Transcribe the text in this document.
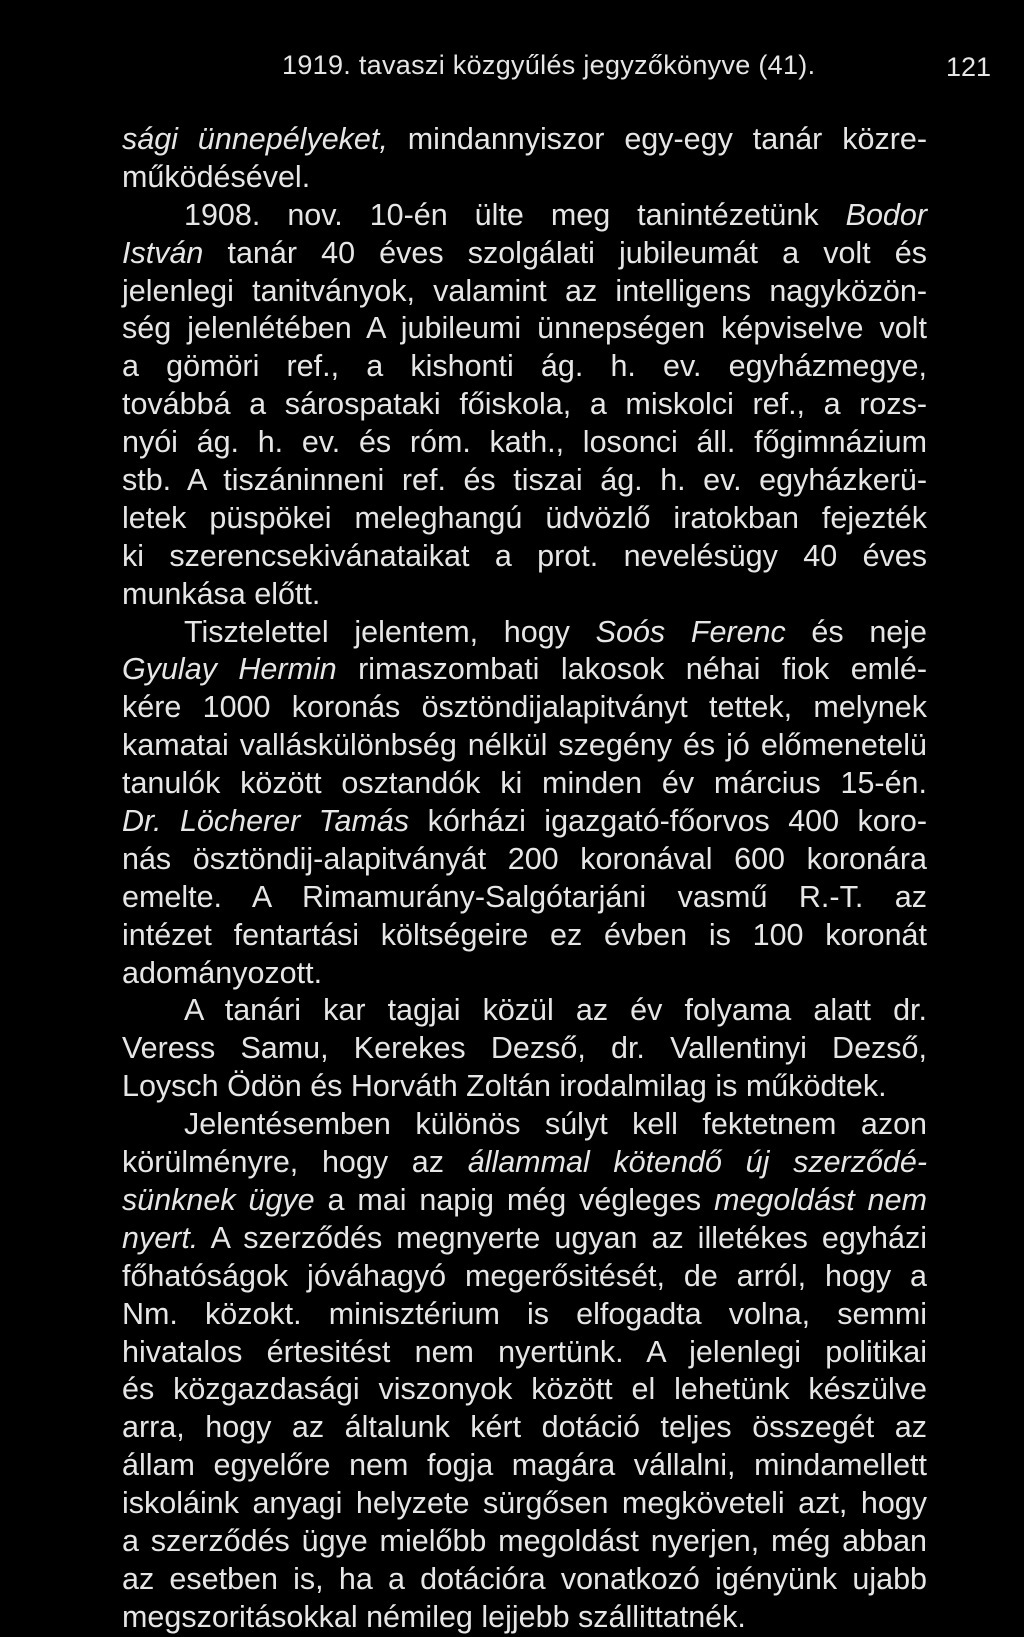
1919. tavaszi közgyűlés jegyzőkönyve (41).	121
sági ünnepélyeket, mindannyiszor egy-egy tanár közre-
működésével.
1908. nov. 10-én ülte meg tanintézetünk Bodor
István tanár 40 éves szolgálati jubileumát a volt és
jelenlegi tanitványok, valamint az intelligens nagyközön-
ség jelenlétében A jubileumi ünnepségen képviselve volt
a gömöri ref., a kishonti ág. h. ev. egyházmegye,
továbbá a sárospataki főiskola, a miskolci ref., a rozs-
nyói ág. h. ev. és róm. kath., losonci áll. főgimnázium
stb. A tiszáninneni ref. és tiszai ág. h. ev. egyházkerü-
letek püspökei meleghangú üdvözlő iratokban fejezték
ki szerencsekivánataikat a prot. nevelésügy 40 éves
munkása előtt.
Tisztelettel jelentem, hogy Soós Ferenc és neje
Gyulay Hermin rimaszombati lakosok néhai fiok emlé-
kére 1000 koronás ösztöndijalapitványt tettek, melynek
kamatai valláskülönbség nélkül szegény és jó előmenetelü
tanulók között osztandók ki minden év március 15-én.
Dr. Löcherer Tamás kórházi igazgató-főorvos 400 koro-
nás ösztöndij-alapitványát 200 koronával 600 koronára
emelte. A Rimamurány-Salgótarjáni vasmű R.-T. az
intézet fentartási költségeire ez évben is 100 koronát
adományozott.
A tanári kar tagjai közül az év folyama alatt dr.
Veress Samu, Kerekes Dezső, dr. Vallentinyi Dezső,
Loysch Ödön és Horváth Zoltán irodalmilag is működtek.
Jelentésemben különös súlyt kell fektetnem azon
körülményre, hogy az állammal kötendő új szerződé-
sünknek ügye a mai napig még végleges megoldást nem
nyert. A szerződés megnyerte ugyan az illetékes egyházi
főhatóságok jóváhagyó megerősitését, de arról, hogy a
Nm. közokt. minisztérium is elfogadta volna, semmi
hivatalos értesitést nem nyertünk. A jelenlegi politikai
és közgazdasági viszonyok között el lehetünk készülve
arra, hogy az általunk kért dotáció teljes összegét az
állam egyelőre nem fogja magára vállalni, mindamellett
iskoláink anyagi helyzete sürgősen megköveteli azt, hogy
a szerződés ügye mielőbb megoldást nyerjen, még abban
az esetben is, ha a dotációra vonatkozó igényünk ujabb
megszoritásokkal némileg lejjebb szállittatnék.
